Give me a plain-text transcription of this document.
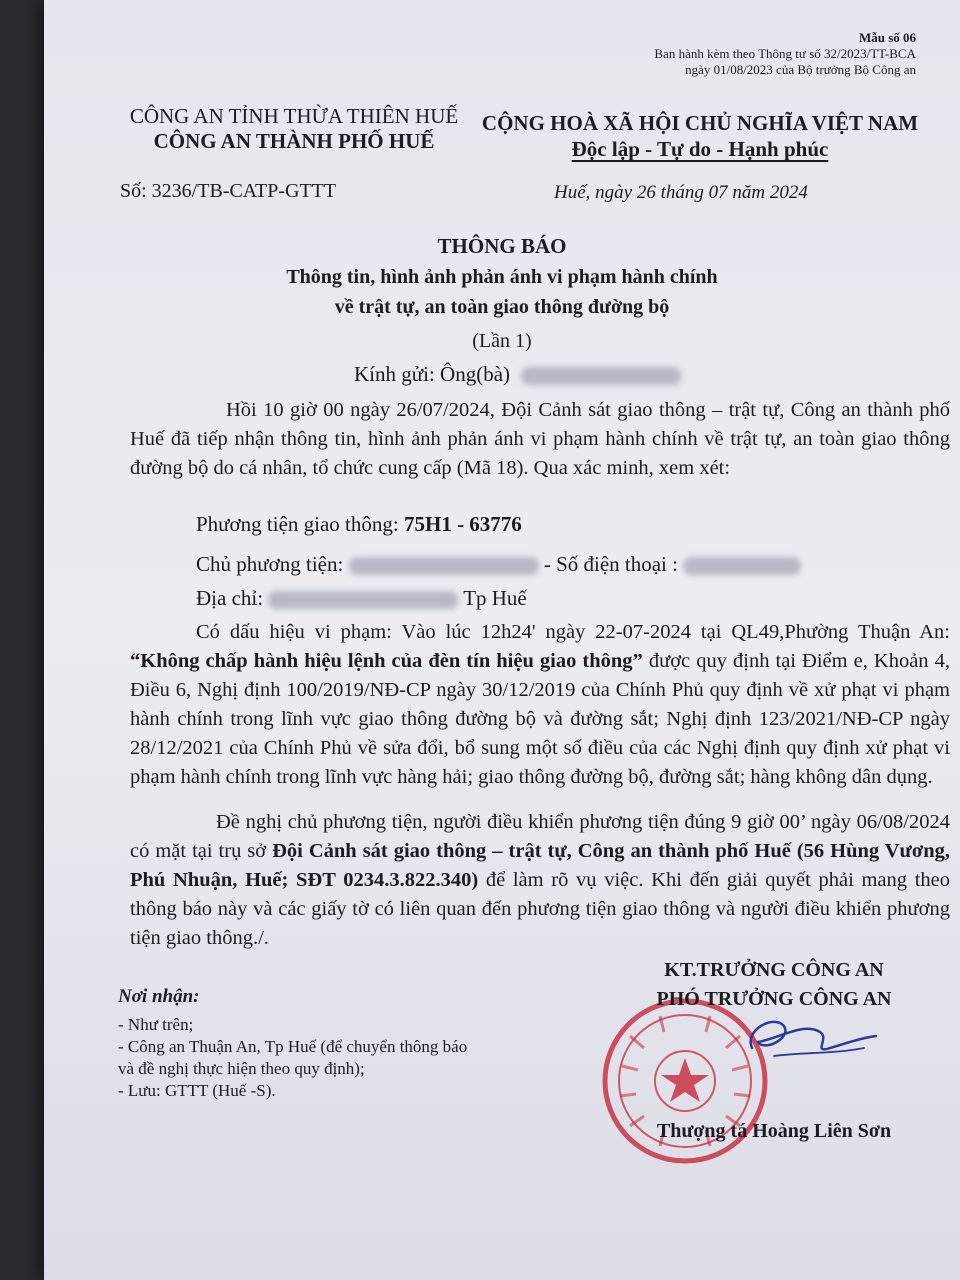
Mẫu số 06
Ban hành kèm theo Thông tư số 32/2023/TT-BCA
ngày 01/08/2023 của Bộ trưởng Bộ Công an
CÔNG AN TỈNH THỪA THIÊN HUẾ
CÔNG AN THÀNH PHỐ HUẾ
CỘNG HOÀ XÃ HỘI CHỦ NGHĨA VIỆT NAM
Độc lập - Tự do - Hạnh phúc
Số: 3236/TB-CATP-GTTT	Huế, ngày 26 tháng 07 năm 2024
THÔNG BÁO
Thông tin, hình ảnh phản ánh vi phạm hành chính
về trật tự, an toàn giao thông đường bộ
(Lần 1)
Kính gửi: Ông(bà)
Hồi 10 giờ 00 ngày 26/07/2024, Đội Cảnh sát giao thông – trật tự, Công an thành phố Huế đã tiếp nhận thông tin, hình ảnh phản ánh vi phạm hành chính về trật tự, an toàn giao thông đường bộ do cá nhân, tổ chức cung cấp (Mã 18). Qua xác minh, xem xét:
Phương tiện giao thông: 75H1 - 63776
Chủ phương tiện:	- Số điện thoại :
Địa chỉ:	Tp Huế
Có dấu hiệu vi phạm: Vào lúc 12h24' ngày 22-07-2024 tại QL49,Phường Thuận An: “Không chấp hành hiệu lệnh của đèn tín hiệu giao thông” được quy định tại Điểm e, Khoản 4, Điều 6, Nghị định 100/2019/NĐ-CP ngày 30/12/2019 của Chính Phủ quy định về xử phạt vi phạm hành chính trong lĩnh vực giao thông đường bộ và đường sắt; Nghị định 123/2021/NĐ-CP ngày 28/12/2021 của Chính Phủ về sửa đổi, bổ sung một số điều của các Nghị định quy định xử phạt vi phạm hành chính trong lĩnh vực hàng hải; giao thông đường bộ, đường sắt; hàng không dân dụng.
Đề nghị chủ phương tiện, người điều khiển phương tiện đúng 9 giờ 00’ ngày 06/08/2024 có mặt tại trụ sở Đội Cảnh sát giao thông – trật tự, Công an thành phố Huế (56 Hùng Vương, Phú Nhuận, Huế; SĐT 0234.3.822.340) để làm rõ vụ việc. Khi đến giải quyết phải mang theo thông báo này và các giấy tờ có liên quan đến phương tiện giao thông và người điều khiển phương tiện giao thông./.
Nơi nhận:
- Như trên;
- Công an Thuận An, Tp Huế (để chuyển thông báo
và đề nghị thực hiện theo quy định);
- Lưu: GTTT (Huế -S).
KT.TRƯỞNG CÔNG AN
PHÓ TRƯỞNG CÔNG AN
Thượng tá Hoàng Liên Sơn
